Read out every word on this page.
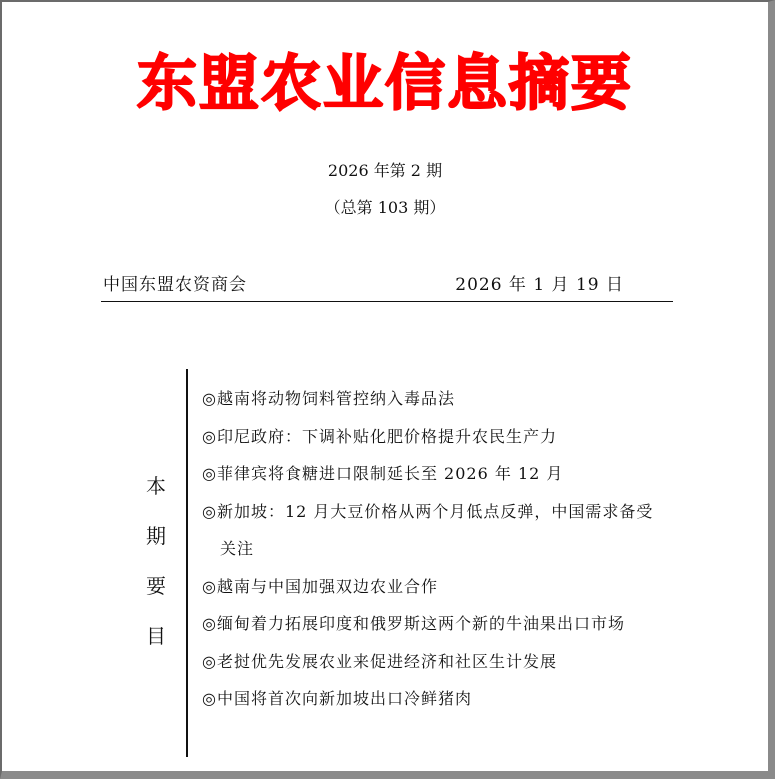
东盟农业信息摘要
2026 年第 2 期
（总第 103 期）
中国东盟农资商会	2026 年 1 月 19 日
本
期
要
目
◎越南将动物饲料管控纳入毒品法
◎印尼政府：下调补贴化肥价格提升农民生产力
◎菲律宾将食糖进口限制延长至 2026 年 12 月
◎新加坡：12 月大豆价格从两个月低点反弹，中国需求备受
关注
◎越南与中国加强双边农业合作
◎缅甸着力拓展印度和俄罗斯这两个新的牛油果出口市场
◎老挝优先发展农业来促进经济和社区生计发展
◎中国将首次向新加坡出口冷鲜猪肉
